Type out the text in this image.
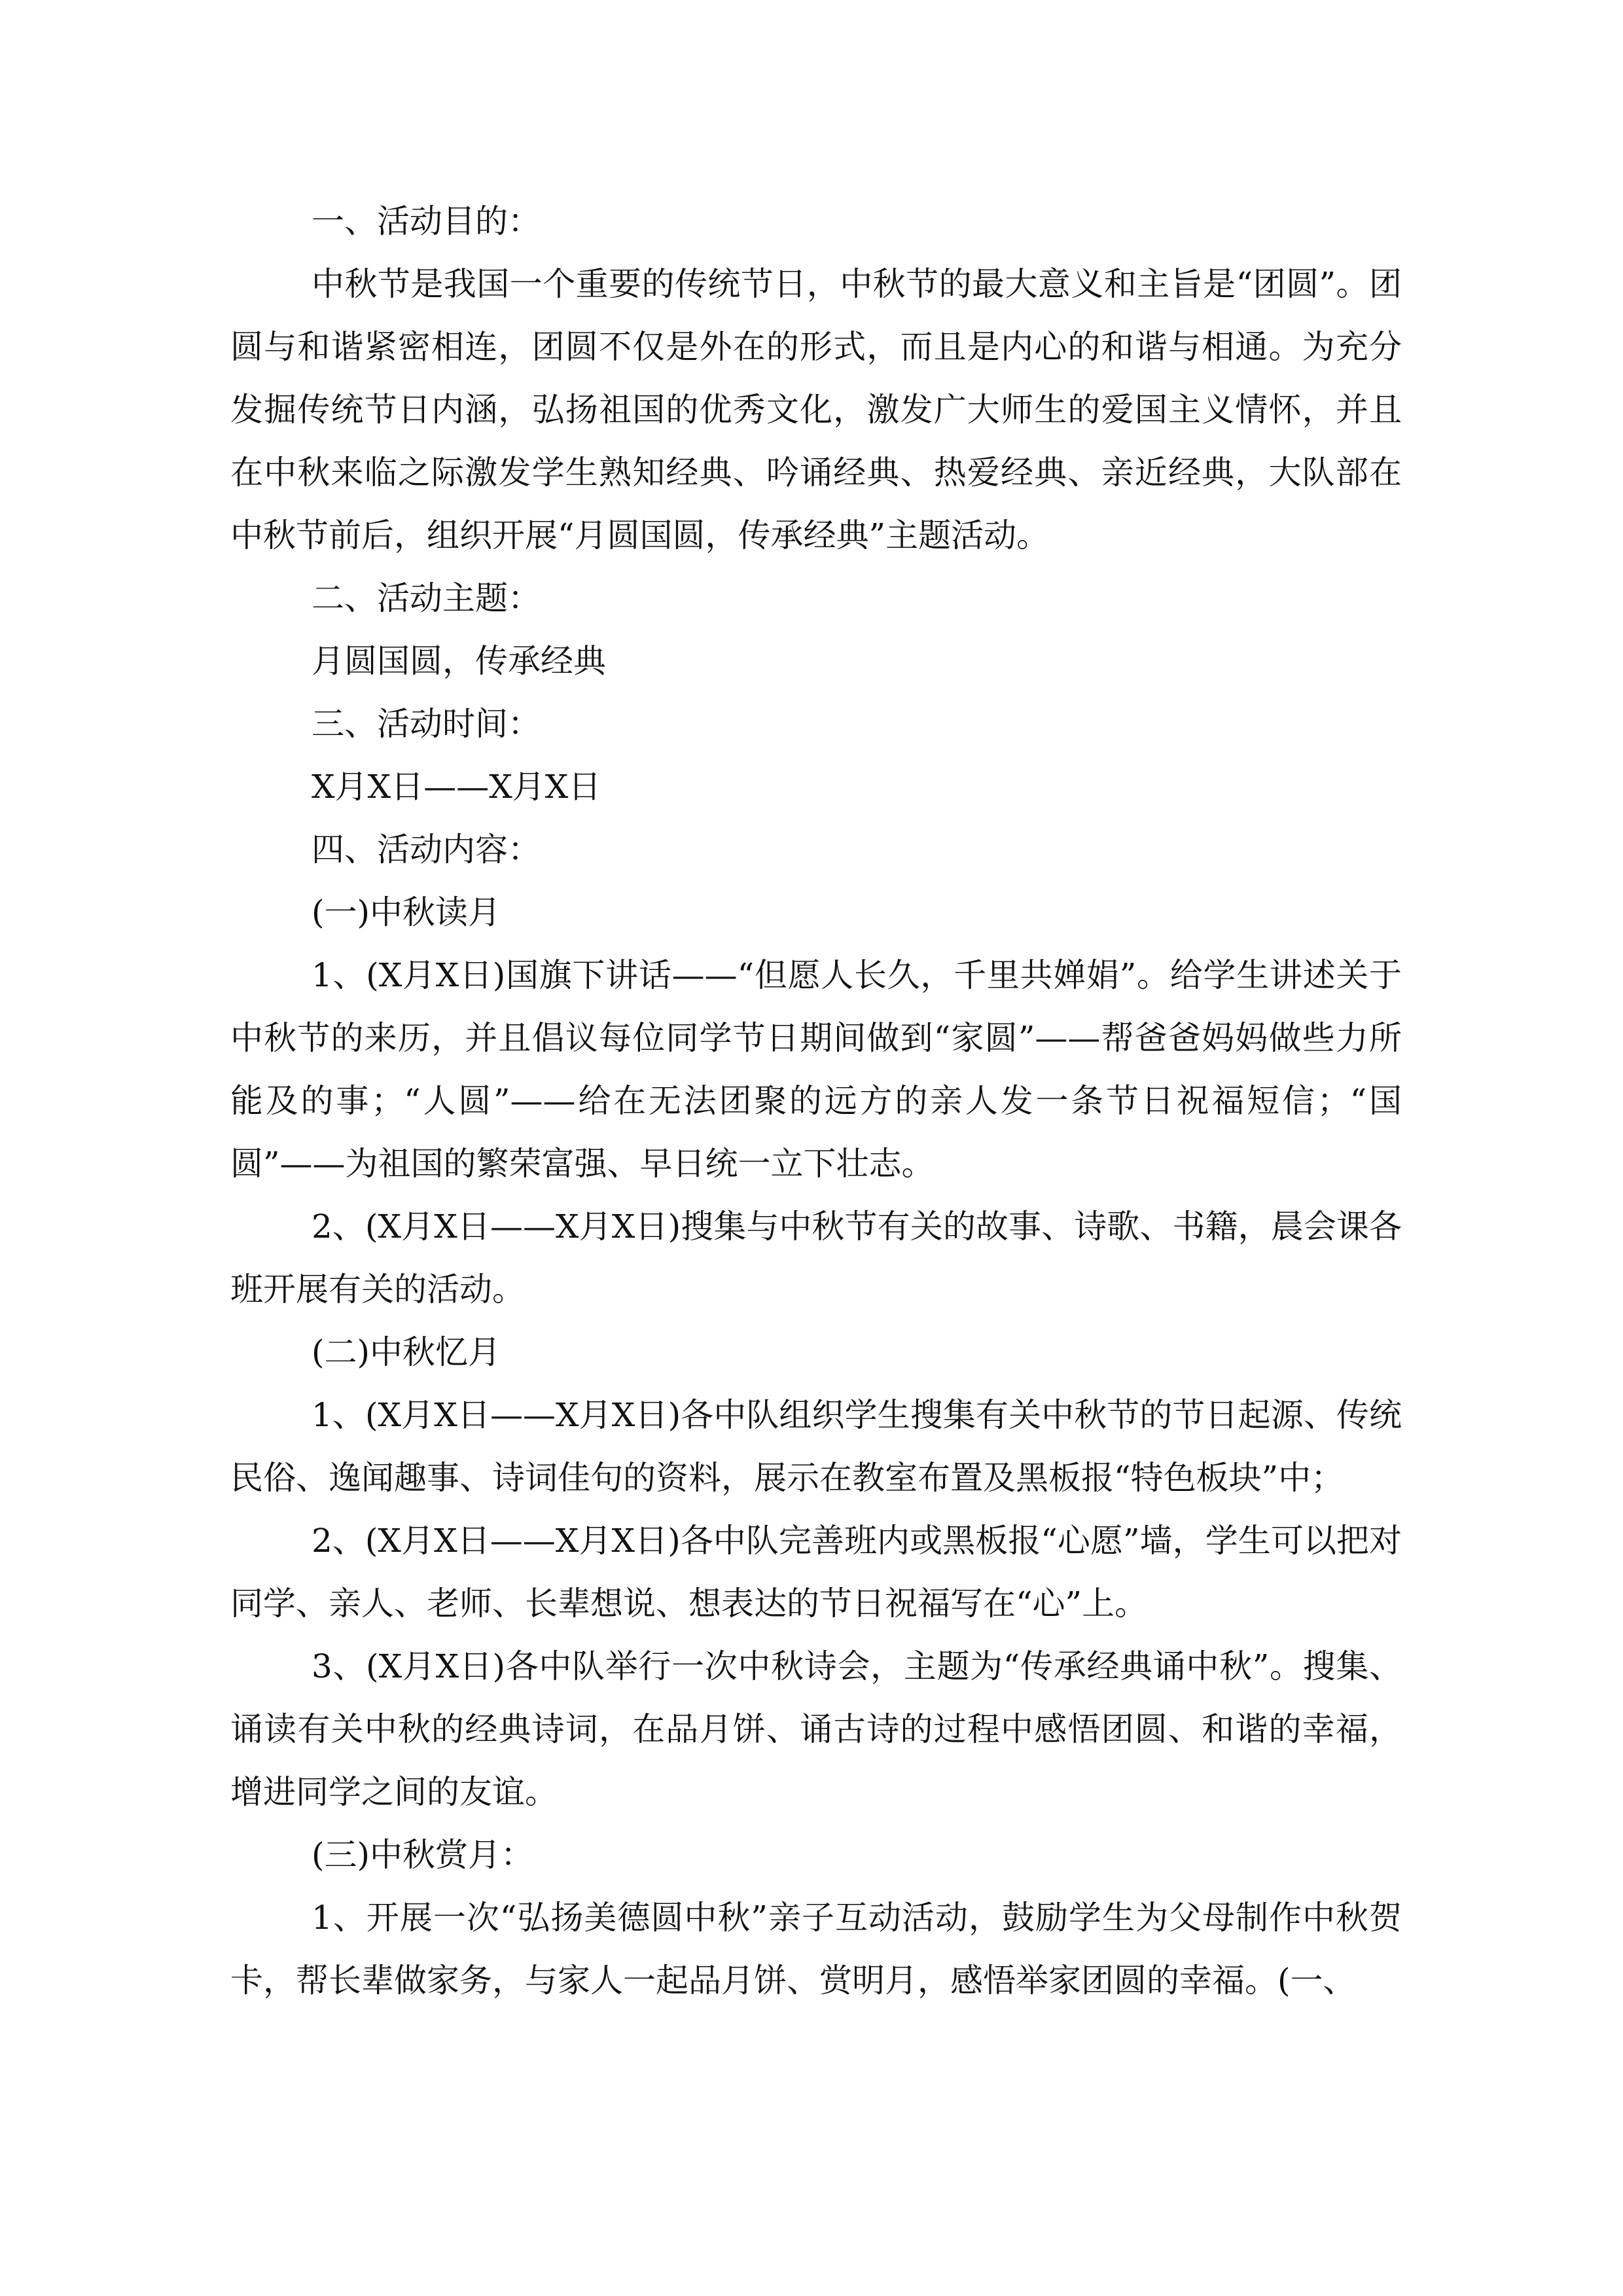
一、活动目的：

中秋节是我国一个重要的传统节日，中秋节的最大意义和主旨是“团圆”。团圆与和谐紧密相连，团圆不仅是外在的形式，而且是内心的和谐与相通。为充分发掘传统节日内涵，弘扬祖国的优秀文化，激发广大师生的爱国主义情怀，并且在中秋来临之际激发学生熟知经典、吟诵经典、热爱经典、亲近经典，大队部在中秋节前后，组织开展“月圆国圆，传承经典”主题活动。

二、活动主题：

月圆国圆，传承经典

三、活动时间：

X月X日——X月X日

四、活动内容：

(一)中秋读月

1、(X月X日)国旗下讲话——“但愿人长久，千里共婵娟”。给学生讲述关于中秋节的来历，并且倡议每位同学节日期间做到“家圆”——帮爸爸妈妈做些力所能及的事；“人圆”——给在无法团聚的远方的亲人发一条节日祝福短信；“国圆”——为祖国的繁荣富强、早日统一立下壮志。

2、(X月X日——X月X日)搜集与中秋节有关的故事、诗歌、书籍，晨会课各班开展有关的活动。

(二)中秋忆月

1、(X月X日——X月X日)各中队组织学生搜集有关中秋节的节日起源、传统民俗、逸闻趣事、诗词佳句的资料，展示在教室布置及黑板报“特色板块”中；

2、(X月X日——X月X日)各中队完善班内或黑板报“心愿”墙，学生可以把对同学、亲人、老师、长辈想说、想表达的节日祝福写在“心”上。

3、(X月X日)各中队举行一次中秋诗会，主题为“传承经典诵中秋”。搜集、诵读有关中秋的经典诗词，在品月饼、诵古诗的过程中感悟团圆、和谐的幸福，增进同学之间的友谊。

(三)中秋赏月：

1、开展一次“弘扬美德圆中秋”亲子互动活动，鼓励学生为父母制作中秋贺卡，帮长辈做家务，与家人一起品月饼、赏明月，感悟举家团圆的幸福。(一、
